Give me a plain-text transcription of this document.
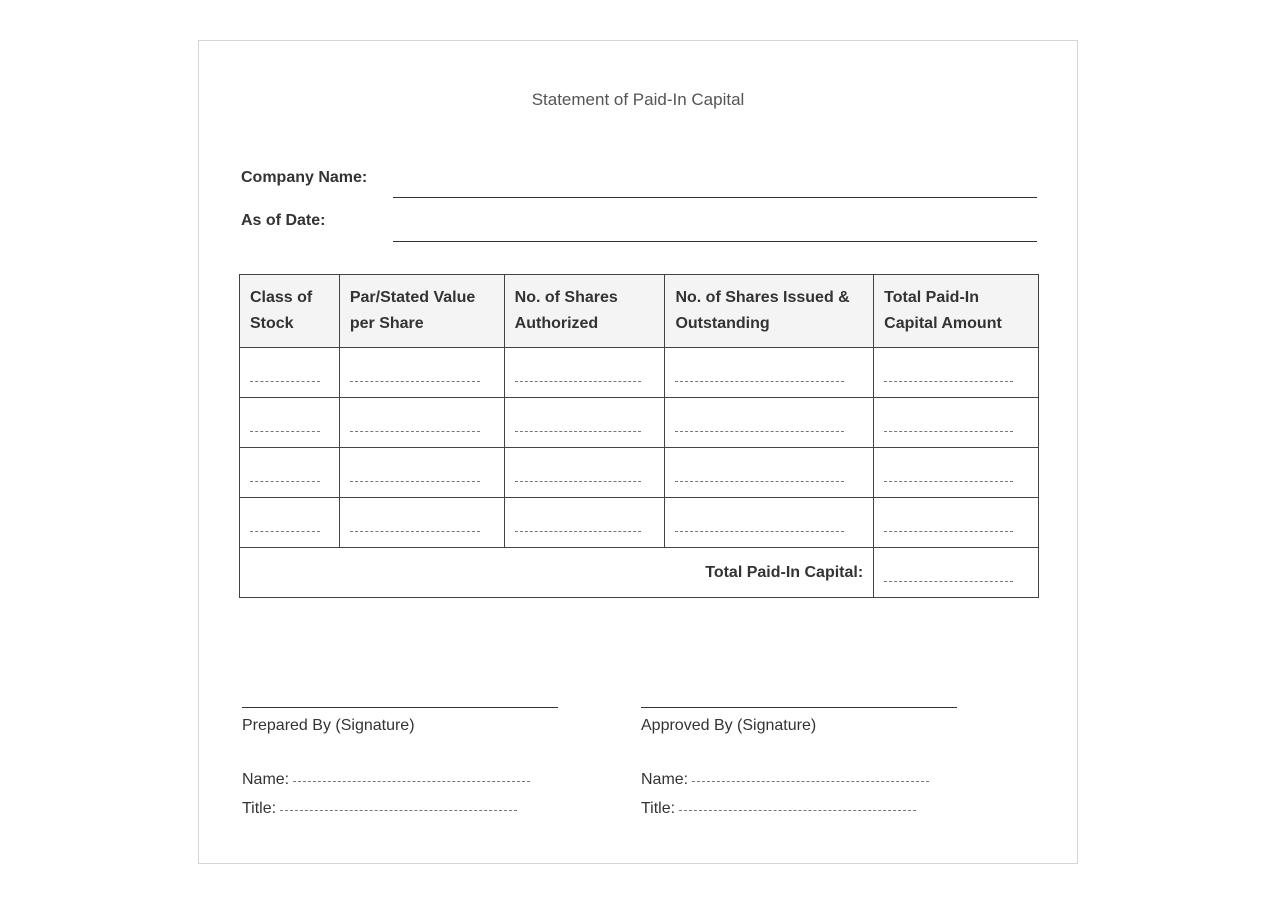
Statement of Paid-In Capital
Company Name:
As of Date:
Class of Stock	Par/Stated Value per Share	No. of Shares Authorized	No. of Shares Issued & Outstanding	Total Paid-In Capital Amount

Total Paid-In Capital:				
Prepared By (Signature)
Name:
Title:
Approved By (Signature)
Name:
Title:
